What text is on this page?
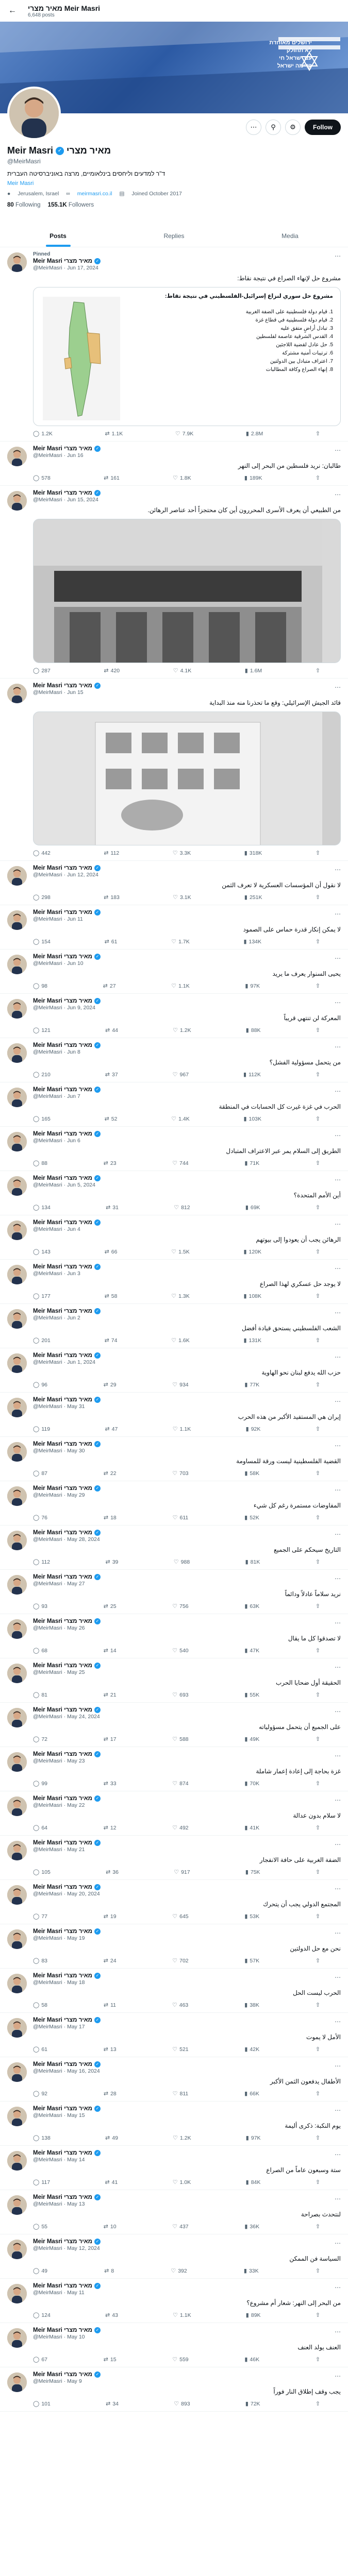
← מאיר מצרי Meir Masri
6,648 posts
ירושלים מאוחדת
לא תחולק
עם ישראל חי
קדימה ישראל
⋯	⚲	⚙	Follow
Meir Masri ✓ מאיר מצרי
@MeirMasri
ד"ר למדעים וליחסים בינלאומיים, מרצה באוניברסיטה העברית
Meir Masri
● Jerusalem, Israel ∞ meirmasri.co.il ▤ Joined October 2017
80 Following 155.1K Followers
Posts	Replies	Media
Pinned
Meir Masri מאיר מצרי ✓
@MeirMasri · Jun 17, 2024
⋯
مشروع حل لإنهاء الصراع في نتيجة نقاط:
مشروع حل سوري لنزاع إسرائيل-الفلسطيني في نتيجة تقاط:
1. قيام دولة فلسطينية على الضفة الغربية
2. قيام دولة فلسطينية في قطاع غزة
3. تبادل أراضٍ متفق عليه
4. القدس الشرقية عاصمة لفلسطين
5. حل عادل لقضية اللاجئين
6. ترتيبات أمنية مشتركة
7. اعتراف متبادل بين الدولتين
8. إنهاء الصراع وكافة المطالبات
◯ 1.2K	⇄ 1.1K	♡ 7.9K	▮ 2.8M	⇧
Meir Masri מאיר מצרי ✓
@MeirMasri · Jun 16
⋯
طالبان: نريد فلسطين من البحر إلى النهر
◯ 578	⇄ 161	♡ 1.8K	▮ 189K	⇧
Meir Masri מאיר מצרי ✓
@MeirMasri · Jun 15, 2024
⋯
من الطبيعي أن يعرف الأسرى المحررون أين كان محتجزاً أحد عناصر الرهائن.
◯ 287	⇄ 420	♡ 4.1K	▮ 1.6M	⇧
Meir Masri מאיר מצרי ✓
@MeirMasri · Jun 15
⋯
قائد الجيش الإسرائيلي: وقع ما تحذرنا منه منذ البداية
◯ 442	⇄ 112	♡ 3.3K	▮ 318K	⇧
Meir Masri מאיר מצרי ✓
@MeirMasri · Jun 12, 2024
⋯
لا نقول أن المؤسسات العسكرية لا تعرف الثمن
◯ 298	⇄ 183	♡ 3.1K	▮ 251K	⇧
Meir Masri מאיר מצרי ✓
@MeirMasri · Jun 11
⋯
لا يمكن إنكار قدرة حماس على الصمود
◯ 154	⇄ 61	♡ 1.7K	▮ 134K	⇧
Meir Masri מאיר מצרי ✓
@MeirMasri · Jun 10
⋯
يحيى السنوار يعرف ما يريد
◯ 98	⇄ 27	♡ 1.1K	▮ 97K	⇧
Meir Masri מאיר מצרי ✓
@MeirMasri · Jun 9, 2024
⋯
المعركة لن تنتهي قريباً
◯ 121	⇄ 44	♡ 1.2K	▮ 88K	⇧
Meir Masri מאיר מצרי ✓
@MeirMasri · Jun 8
⋯
من يتحمل مسؤولية الفشل؟
◯ 210	⇄ 37	♡ 967	▮ 112K	⇧
Meir Masri מאיר מצרי ✓
@MeirMasri · Jun 7
⋯
الحرب في غزة غيرت كل الحسابات في المنطقة
◯ 165	⇄ 52	♡ 1.4K	▮ 103K	⇧
Meir Masri מאיר מצרי ✓
@MeirMasri · Jun 6
⋯
الطريق إلى السلام يمر عبر الاعتراف المتبادل
◯ 88	⇄ 23	♡ 744	▮ 71K	⇧
Meir Masri מאיר מצרי ✓
@MeirMasri · Jun 5, 2024
⋯
أين الأمم المتحدة؟
◯ 134	⇄ 31	♡ 812	▮ 69K	⇧
Meir Masri מאיר מצרי ✓
@MeirMasri · Jun 4
⋯
الرهائن يجب أن يعودوا إلى بيوتهم
◯ 143	⇄ 66	♡ 1.5K	▮ 120K	⇧
Meir Masri מאיר מצרי ✓
@MeirMasri · Jun 3
⋯
لا يوجد حل عسكري لهذا الصراع
◯ 177	⇄ 58	♡ 1.3K	▮ 108K	⇧
Meir Masri מאיר מצרי ✓
@MeirMasri · Jun 2
⋯
الشعب الفلسطيني يستحق قيادة أفضل
◯ 201	⇄ 74	♡ 1.6K	▮ 131K	⇧
Meir Masri מאיר מצרי ✓
@MeirMasri · Jun 1, 2024
⋯
حزب الله يدفع لبنان نحو الهاوية
◯ 96	⇄ 29	♡ 934	▮ 77K	⇧
Meir Masri מאיר מצרי ✓
@MeirMasri · May 31
⋯
إيران هي المستفيد الأكبر من هذه الحرب
◯ 119	⇄ 47	♡ 1.1K	▮ 92K	⇧
Meir Masri מאיר מצרי ✓
@MeirMasri · May 30
⋯
القضية الفلسطينية ليست ورقة للمساومة
◯ 87	⇄ 22	♡ 703	▮ 58K	⇧
Meir Masri מאיר מצרי ✓
@MeirMasri · May 29
⋯
المفاوضات مستمرة رغم كل شيء
◯ 76	⇄ 18	♡ 611	▮ 52K	⇧
Meir Masri מאיר מצרי ✓
@MeirMasri · May 28, 2024
⋯
التاريخ سيحكم على الجميع
◯ 112	⇄ 39	♡ 988	▮ 81K	⇧
Meir Masri מאיר מצרי ✓
@MeirMasri · May 27
⋯
نريد سلاماً عادلاً ودائماً
◯ 93	⇄ 25	♡ 756	▮ 63K	⇧
Meir Masri מאיר מצרי ✓
@MeirMasri · May 26
⋯
لا تصدقوا كل ما يقال
◯ 68	⇄ 14	♡ 540	▮ 47K	⇧
Meir Masri מאיר מצרי ✓
@MeirMasri · May 25
⋯
الحقيقة أول ضحايا الحرب
◯ 81	⇄ 21	♡ 693	▮ 55K	⇧
Meir Masri מאיר מצרי ✓
@MeirMasri · May 24, 2024
⋯
على الجميع أن يتحمل مسؤولياته
◯ 72	⇄ 17	♡ 588	▮ 49K	⇧
Meir Masri מאיר מצרי ✓
@MeirMasri · May 23
⋯
غزة بحاجة إلى إعادة إعمار شاملة
◯ 99	⇄ 33	♡ 874	▮ 70K	⇧
Meir Masri מאיר מצרי ✓
@MeirMasri · May 22
⋯
لا سلام بدون عدالة
◯ 64	⇄ 12	♡ 492	▮ 41K	⇧
Meir Masri מאיר מצרי ✓
@MeirMasri · May 21
⋯
الضفة الغربية على حافة الانفجار
◯ 105	⇄ 36	♡ 917	▮ 75K	⇧
Meir Masri מאיר מצרי ✓
@MeirMasri · May 20, 2024
⋯
المجتمع الدولي يجب أن يتحرك
◯ 77	⇄ 19	♡ 645	▮ 53K	⇧
Meir Masri מאיר מצרי ✓
@MeirMasri · May 19
⋯
نحن مع حل الدولتين
◯ 83	⇄ 24	♡ 702	▮ 57K	⇧
Meir Masri מאיר מצרי ✓
@MeirMasri · May 18
⋯
الحرب ليست الحل
◯ 58	⇄ 11	♡ 463	▮ 38K	⇧
Meir Masri מאיר מצרי ✓
@MeirMasri · May 17
⋯
الأمل لا يموت
◯ 61	⇄ 13	♡ 521	▮ 42K	⇧
Meir Masri מאיר מצרי ✓
@MeirMasri · May 16, 2024
⋯
الأطفال يدفعون الثمن الأكبر
◯ 92	⇄ 28	♡ 811	▮ 66K	⇧
Meir Masri מאיר מצרי ✓
@MeirMasri · May 15
⋯
يوم النكبة: ذكرى أليمة
◯ 138	⇄ 49	♡ 1.2K	▮ 97K	⇧
Meir Masri מאיר מצרי ✓
@MeirMasri · May 14
⋯
ستة وسبعون عاماً من الصراع
◯ 117	⇄ 41	♡ 1.0K	▮ 84K	⇧
Meir Masri מאיר מצרי ✓
@MeirMasri · May 13
⋯
لنتحدث بصراحة
◯ 55	⇄ 10	♡ 437	▮ 36K	⇧
Meir Masri מאיר מצרי ✓
@MeirMasri · May 12, 2024
⋯
السياسة فن الممكن
◯ 49	⇄ 8	♡ 392	▮ 33K	⇧
Meir Masri מאיר מצרי ✓
@MeirMasri · May 11
⋯
من البحر إلى النهر: شعار أم مشروع؟
◯ 124	⇄ 43	♡ 1.1K	▮ 89K	⇧
Meir Masri מאיר מצרי ✓
@MeirMasri · May 10
⋯
العنف يولد العنف
◯ 67	⇄ 15	♡ 559	▮ 46K	⇧
Meir Masri מאיר מצרי ✓
@MeirMasri · May 9
⋯
يجب وقف إطلاق النار فوراً
◯ 101	⇄ 34	♡ 893	▮ 72K	⇧
